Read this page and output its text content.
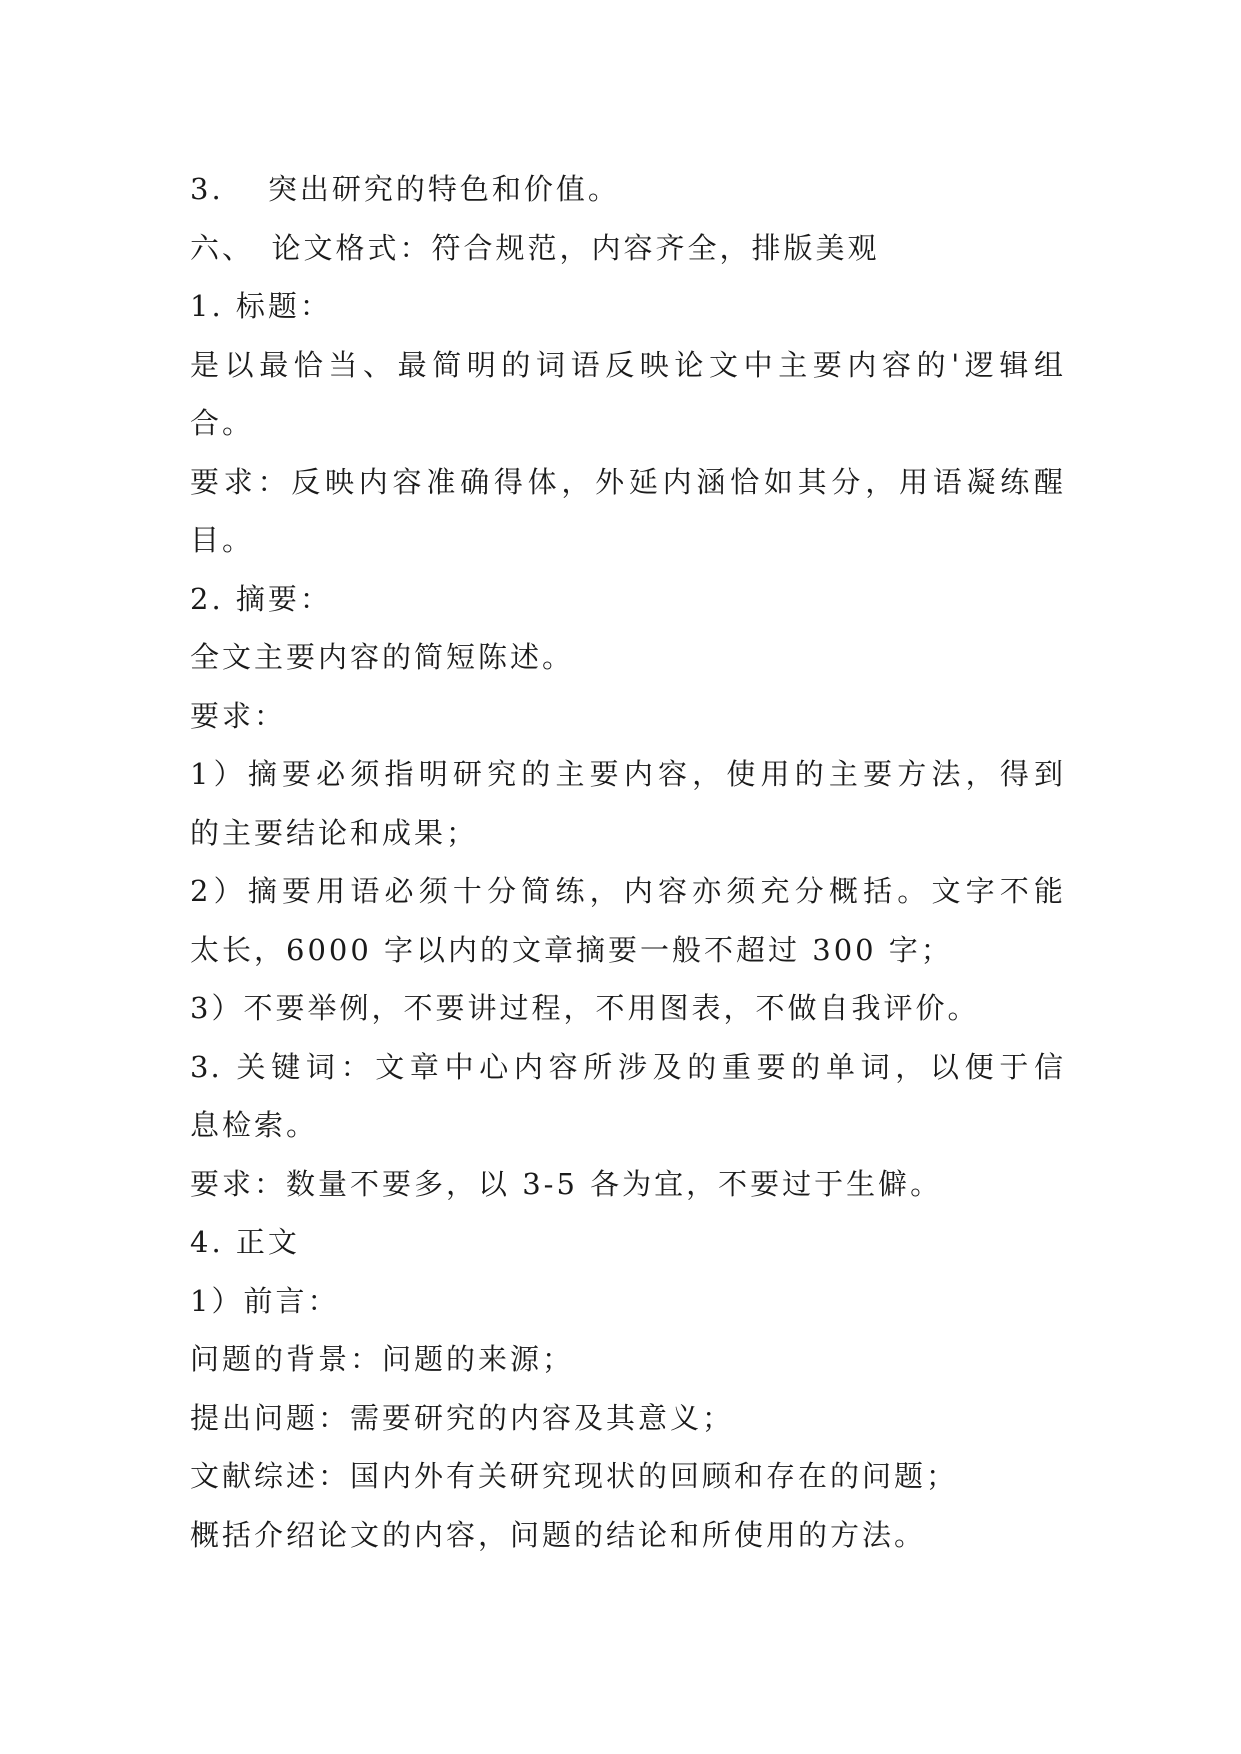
3.　 突出研究的特色和价值。

六、　论文格式：符合规范，内容齐全，排版美观

1. 标题：

是以最恰当、最简明的词语反映论文中主要内容的'逻辑组

合。

要求：反映内容准确得体，外延内涵恰如其分，用语凝练醒

目。

2. 摘要：

全文主要内容的简短陈述。

要求：

1）摘要必须指明研究的主要内容，使用的主要方法，得到

的主要结论和成果；

2）摘要用语必须十分简练，内容亦须充分概括。文字不能

太长，6000 字以内的文章摘要一般不超过 300 字；

3）不要举例，不要讲过程，不用图表，不做自我评价。

3. 关键词：文章中心内容所涉及的重要的单词，以便于信

息检索。

要求：数量不要多，以 3-5 各为宜，不要过于生僻。

4. 正文

1）前言：

问题的背景：问题的来源；

提出问题：需要研究的内容及其意义；

文献综述：国内外有关研究现状的回顾和存在的问题；

概括介绍论文的内容，问题的结论和所使用的方法。
